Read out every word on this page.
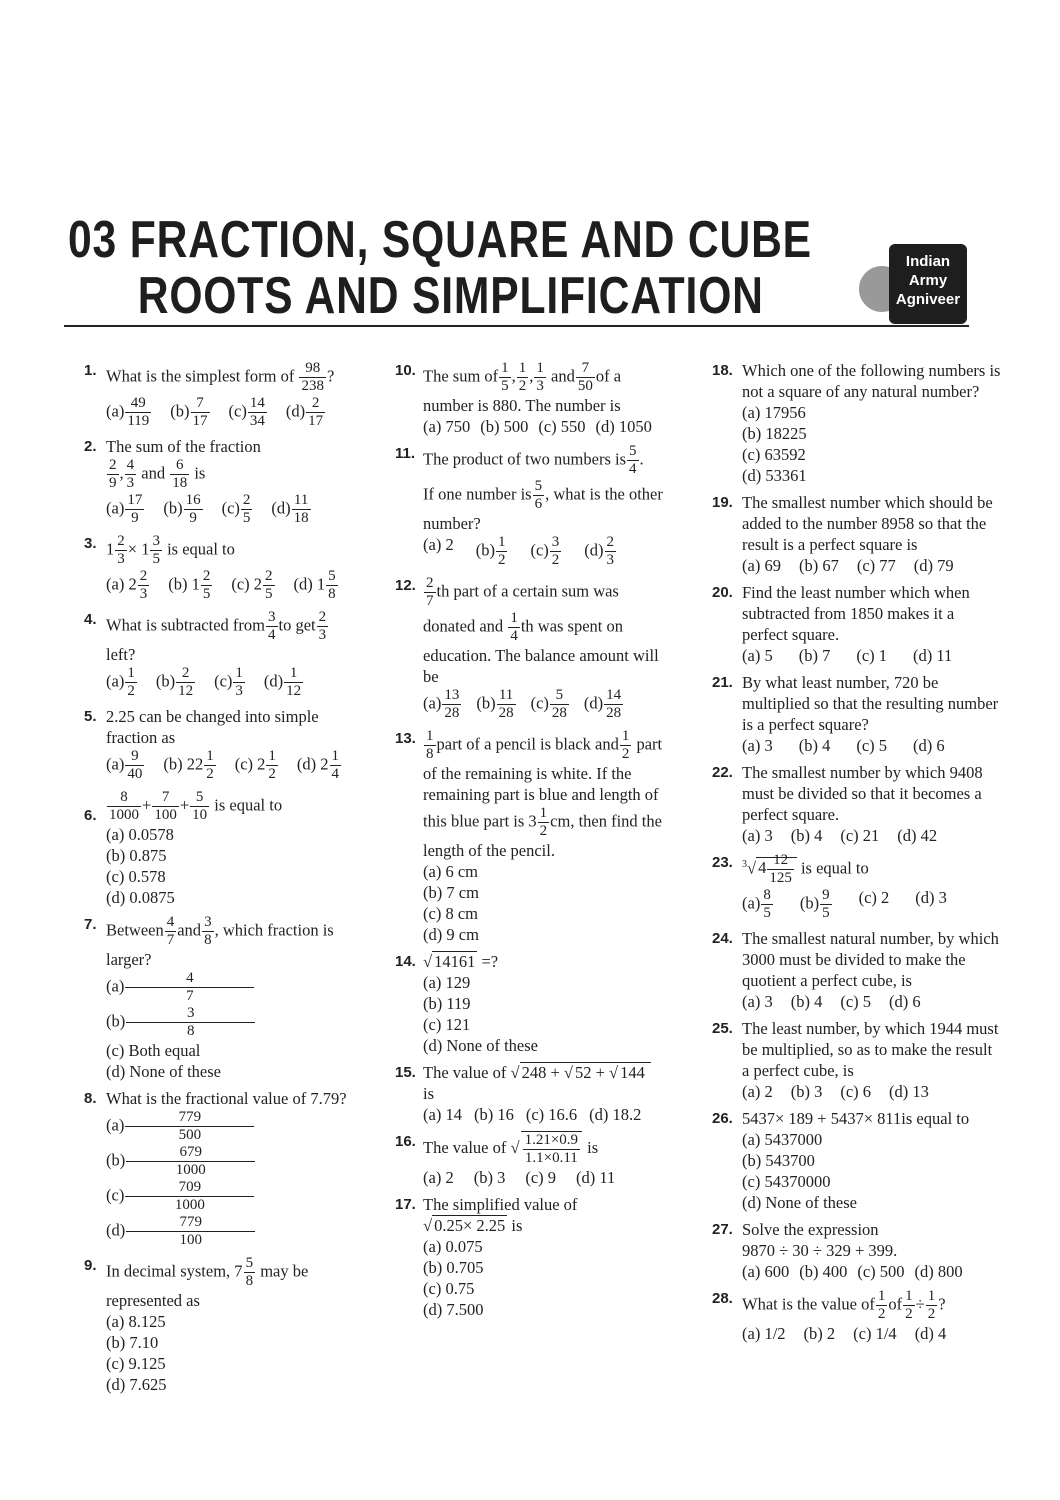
03 FRACTION, SQUARE AND CUBE
ROOTS AND SIMPLIFICATION
Indian Army Agniveer
1. What is the simplest form of $\frac{98}{238}$ ?
$(a) \frac{49}{119} (b) \frac{7}{17} (c) \frac{14}{34} (d) \frac{2}{17}$
2. The sum of the fraction

$\frac{2}{9}$ , $\frac{4}{3}$ and $\frac{6}{18}$ is
$(a) \frac{17}{9} (b) \frac{16}{9} (c) \frac{2}{5} (d) \frac{11}{18}$
3. $1 \frac{2}{3} \times 1 \frac{3}{5}$ is equal to
(a) $2 \frac{2}{3} (b)$ $1 \frac{2}{5} (c)$ $2 \frac{2}{5} (d)$ $1 \frac{5}{8}$
4. What is subtracted from $\frac{3}{4}$ to get $\frac{2}{3}$

left?
$(a) \frac{1}{2} (b) \frac{2}{12} (c) \frac{1}{3} (d) \frac{1}{12}$
5. 2.25 can be changed into simple fraction as
$(a) \frac{9}{40} (b)$ $22 \frac{1}{2} (c)$ $2 \frac{1}{2} (d)$ $2 \frac{1}{4}$
6. $\frac{8}{1000} + \frac{7}{100} + \frac{5}{10}$ is equal to
(a) 0.0578
(b) 0.875
(c) 0.578
(d) 0.0875
7. Between $\frac{4}{7}$ and $\frac{3}{8}$ , which fraction is larger?
$(a) \frac{4}{7}$
$(b) \frac{3}{8}$
(c) Both equal
(d) None of these
8. What is the fractional value of 7.79?
$(a) \frac{779}{500}$
$(b) \frac{679}{1000}$
$(c) \frac{709}{1000}$
$(d) \frac{779}{100}$
9. In decimal system, $7 \frac{5}{8}$ may be represented as
(a) 8.125
(b) 7.10
(c) 9.125
(d) 7.625
10. The sum of $\frac{1}{5}$ , $\frac{1}{2}$ , $\frac{1}{3}$ and $\frac{7}{50}$ of a number is 880. The number is
(a) 750 (b) 500 (c) 550 (d) 1050
11. The product of two numbers is $\frac{5}{4}$ .
If one number is $\frac{5}{6}$ , what is the other number?
(a) 2 $(b) \frac{1}{2} (c) \frac{3}{2} (d) \frac{2}{3}$
12. $\frac{2}{7}$ th part of a certain sum was donated and $\frac{1}{4}$ th was spent on education. The balance amount will be
$(a) \frac{13}{28} (b) \frac{11}{28} (c) \frac{5}{28} (d) \frac{14}{28}$
13. $\frac{1}{8}$ part of a pencil is black and $\frac{1}{2}$ part of the remaining is white. If the remaining part is blue and length of this blue part is $3 \frac{1}{2}$ cm, then find the length of the pencil.
(a) 6 cm
(b) 7 cm
(c) 8 cm
(d) 9 cm
14. √ 14161 =?
(a) 129
(b) 119
(c) 121
(d) None of these
15. The value of √ 248 + √ 52 + √ 144
is
(a) 14 (b) 16 (c) 16.6 (d) 18.2
16. The value of √ $\frac{1.21\times 0.9}{1.1\times 0.11}$ is
(a) 2 (b) 3 (c) 9 (d) 11
17. The simplified value of
√ 0.25× 2.25 is
(a) 0.075
(b) 0.705
(c) 0.75
(d) 7.500
18. Which one of the following numbers is not a square of any natural number?
(a) 17956
(b) 18225
(c) 63592
(d) 53361
19. The smallest number which should be added to the number 8958 so that the result is a perfect square is
(a) 69 (b) 67 (c) 77 (d) 79
20. Find the least number which when subtracted from 1850 makes it a perfect square.
(a) 5 (b) 7 (c) 1 (d) 11
21. By what least number, 720 be multiplied so that the resulting number is a perfect square?
(a) 3 (b) 4 (c) 5 (d) 6
22. The smallest number by which 9408 must be divided so that it becomes a perfect square.
(a) 3 (b) 4 (c) 21 (d) 42
23. $^3$√ $4 \frac{12}{125}$ is equal to
$(a) \frac{8}{5} (b) \frac{9}{5} (c)$ 2 (d) 3
24. The smallest natural number, by which 3000 must be divided to make the quotient a perfect cube, is
(a) 3 (b) 4 (c) 5 (d) 6
25. The least number, by which 1944 must be multiplied, so as to make the result a perfect cube, is
(a) 2 (b) 3 (c) 6 (d) 13
26. 5437× 189 + 5437× 811is equal to
(a) 5437000
(b) 543700
(c) 54370000
(d) None of these
27. Solve the expression
9870 ÷ 30 ÷ 329 + 399.
(a) 600 (b) 400 (c) 500 (d) 800
28. What is the value of $\frac{1}{2}$ of $\frac{1}{2} \div \frac{1}{2}$ ?
(a) 1/2 (b) 2 (c) 1/4 (d) 4
